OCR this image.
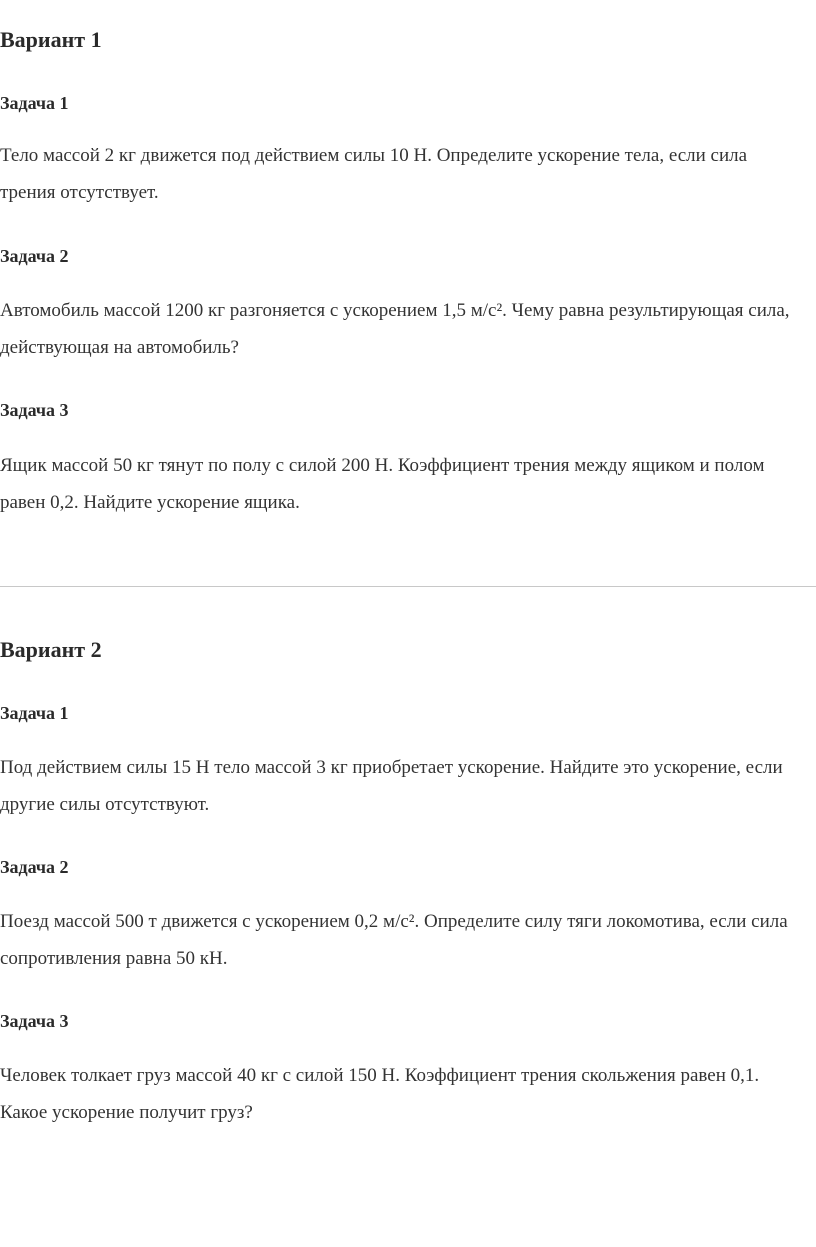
Вариант 1
Задача 1

Тело массой 2 кг движется под действием силы 10 Н. Определите ускорение тела, если сила трения отсутствует.

Задача 2

Автомобиль массой 1200 кг разгоняется с ускорением 1,5 м/с². Чему равна результирующая сила, действующая на автомобиль?

Задача 3

Ящик массой 50 кг тянут по полу с силой 200 Н. Коэффициент трения между ящиком и полом равен 0,2. Найдите ускорение ящика.

Вариант 2
Задача 1

Под действием силы 15 Н тело массой 3 кг приобретает ускорение. Найдите это ускорение, если другие силы отсутствуют.

Задача 2

Поезд массой 500 т движется с ускорением 0,2 м/с². Определите силу тяги локомотива, если сила сопротивления равна 50 кН.

Задача 3

Человек толкает груз массой 40 кг с силой 150 Н. Коэффициент трения скольжения равен 0,1. Какое ускорение получит груз?
